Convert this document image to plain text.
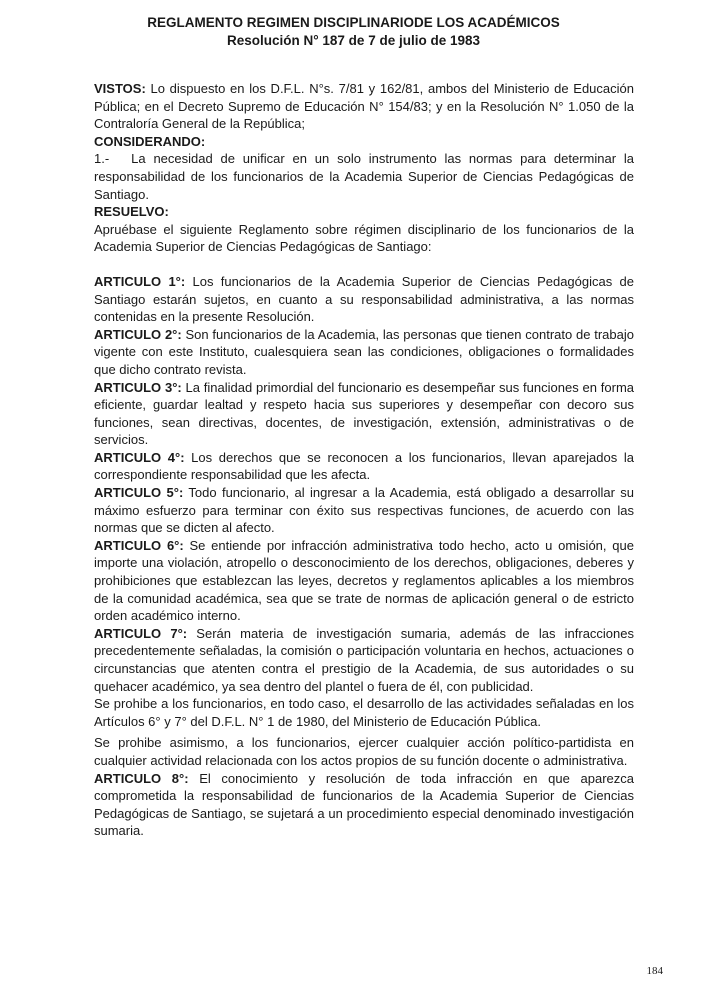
REGLAMENTO REGIMEN DISCIPLINARIODE LOS ACADÉMICOS
Resolución N° 187 de 7 de julio de 1983

VISTOS: Lo dispuesto en los D.F.L. N°s. 7/81 y 162/81, ambos del Ministerio de Educación Pública; en el Decreto Supremo de Educación N° 154/83; y en la Resolución N° 1.050 de la Contraloría General de la República;

CONSIDERANDO:

1.- La necesidad de unificar en un solo instrumento las normas para determinar la responsabilidad de los funcionarios de la Academia Superior de Ciencias Pedagógicas de Santiago.

RESUELVO:

Apruébase el siguiente Reglamento sobre régimen disciplinario de los funcionarios de la Academia Superior de Ciencias Pedagógicas de Santiago:

ARTICULO 1°: Los funcionarios de la Academia Superior de Ciencias Pedagógicas de Santiago estarán sujetos, en cuanto a su responsabilidad administrativa, a las normas contenidas en la presente Resolución.

ARTICULO 2°: Son funcionarios de la Academia, las personas que tienen contrato de trabajo vigente con este Instituto, cualesquiera sean las condiciones, obligaciones o formalidades que dicho contrato revista.

ARTICULO 3°: La finalidad primordial del funcionario es desempeñar sus funciones en forma eficiente, guardar lealtad y respeto hacia sus superiores y desempeñar con decoro sus funciones, sean directivas, docentes, de investigación, extensión, administrativas o de servicios.

ARTICULO 4°: Los derechos que se reconocen a los funcionarios, llevan aparejados la correspondiente responsabilidad que les afecta.

ARTICULO 5°: Todo funcionario, al ingresar a la Academia, está obligado a desarrollar su máximo esfuerzo para terminar con éxito sus respectivas funciones, de acuerdo con las normas que se dicten al afecto.

ARTICULO 6°: Se entiende por infracción administrativa todo hecho, acto u omisión, que importe una violación, atropello o desconocimiento de los derechos, obligaciones, deberes y prohibiciones que establezcan las leyes, decretos y reglamentos aplicables a los miembros de la comunidad académica, sea que se trate de normas de aplicación general o de estricto orden académico interno.

ARTICULO 7°: Serán materia de investigación sumaria, además de las infracciones precedentemente señaladas, la comisión o participación voluntaria en hechos, actuaciones o circunstancias que atenten contra el prestigio de la Academia, de sus autoridades o su quehacer académico, ya sea dentro del plantel o fuera de él, con publicidad.

Se prohibe a los funcionarios, en todo caso, el desarrollo de las actividades señaladas en los Artículos 6° y 7° del D.F.L. N° 1 de 1980, del Ministerio de Educación Pública.

Se prohibe asimismo, a los funcionarios, ejercer cualquier acción político-partidista en cualquier actividad relacionada con los actos propios de su función docente o administrativa.

ARTICULO 8°: El conocimiento y resolución de toda infracción en que aparezca comprometida la responsabilidad de funcionarios de la Academia Superior de Ciencias Pedagógicas de Santiago, se sujetará a un procedimiento especial denominado investigación sumaria.

184
